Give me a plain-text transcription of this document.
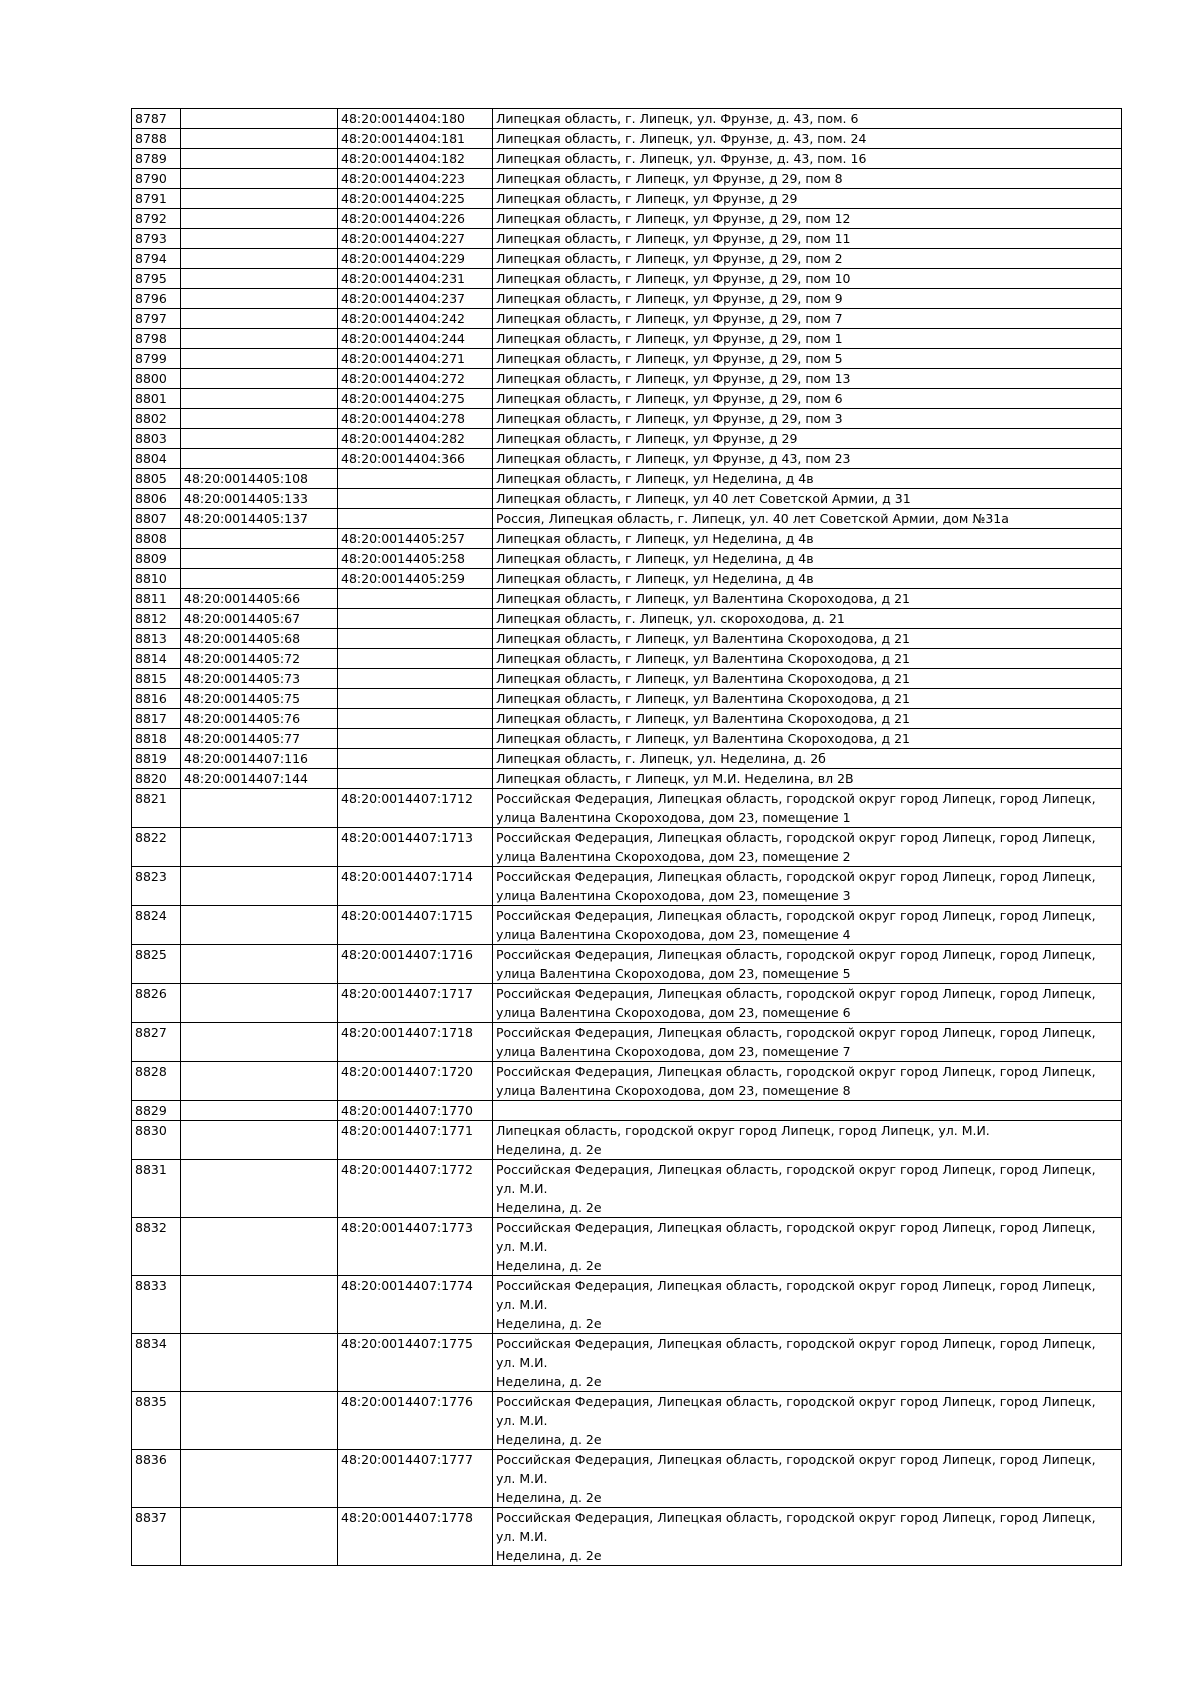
8787		48:20:0014404:180	Липецкая область, г. Липецк, ул. Фрунзе, д. 43, пом. 6
8788		48:20:0014404:181	Липецкая область, г. Липецк, ул. Фрунзе, д. 43, пом. 24
8789		48:20:0014404:182	Липецкая область, г. Липецк, ул. Фрунзе, д. 43, пом. 16
8790		48:20:0014404:223	Липецкая область, г Липецк, ул Фрунзе, д 29, пом 8
8791		48:20:0014404:225	Липецкая область, г Липецк, ул Фрунзе, д 29
8792		48:20:0014404:226	Липецкая область, г Липецк, ул Фрунзе, д 29, пом 12
8793		48:20:0014404:227	Липецкая область, г Липецк, ул Фрунзе, д 29, пом 11
8794		48:20:0014404:229	Липецкая область, г Липецк, ул Фрунзе, д 29, пом 2
8795		48:20:0014404:231	Липецкая область, г Липецк, ул Фрунзе, д 29, пом 10
8796		48:20:0014404:237	Липецкая область, г Липецк, ул Фрунзе, д 29, пом 9
8797		48:20:0014404:242	Липецкая область, г Липецк, ул Фрунзе, д 29, пом 7
8798		48:20:0014404:244	Липецкая область, г Липецк, ул Фрунзе, д 29, пом 1
8799		48:20:0014404:271	Липецкая область, г Липецк, ул Фрунзе, д 29, пом 5
8800		48:20:0014404:272	Липецкая область, г Липецк, ул Фрунзе, д 29, пом 13
8801		48:20:0014404:275	Липецкая область, г Липецк, ул Фрунзе, д 29, пом 6
8802		48:20:0014404:278	Липецкая область, г Липецк, ул Фрунзе, д 29, пом 3
8803		48:20:0014404:282	Липецкая область, г Липецк, ул Фрунзе, д 29
8804		48:20:0014404:366	Липецкая область, г Липецк, ул Фрунзе, д 43, пом 23
8805	48:20:0014405:108		Липецкая область, г Липецк, ул Неделина, д 4в
8806	48:20:0014405:133		Липецкая область, г Липецк, ул 40 лет Советской Армии, д 31
8807	48:20:0014405:137		Россия, Липецкая область, г. Липецк, ул. 40 лет Советской Армии, дом №31а
8808		48:20:0014405:257	Липецкая область, г Липецк, ул Неделина, д 4в
8809		48:20:0014405:258	Липецкая область, г Липецк, ул Неделина, д 4в
8810		48:20:0014405:259	Липецкая область, г Липецк, ул Неделина, д 4в
8811	48:20:0014405:66		Липецкая область, г Липецк, ул Валентина Скороходова, д 21
8812	48:20:0014405:67		Липецкая область, г. Липецк, ул. скороходова, д. 21
8813	48:20:0014405:68		Липецкая область, г Липецк, ул Валентина Скороходова, д 21
8814	48:20:0014405:72		Липецкая область, г Липецк, ул Валентина Скороходова, д 21
8815	48:20:0014405:73		Липецкая область, г Липецк, ул Валентина Скороходова, д 21
8816	48:20:0014405:75		Липецкая область, г Липецк, ул Валентина Скороходова, д 21
8817	48:20:0014405:76		Липецкая область, г Липецк, ул Валентина Скороходова, д 21
8818	48:20:0014405:77		Липецкая область, г Липецк, ул Валентина Скороходова, д 21
8819	48:20:0014407:116		Липецкая область, г. Липецк, ул. Неделина, д. 2б
8820	48:20:0014407:144		Липецкая область, г Липецк, ул М.И. Неделина, вл 2В
8821		48:20:0014407:1712	Российская Федерация, Липецкая область, городской округ город Липецк, город Липецк,
улица Валентина Скороходова, дом 23, помещение 1
8822		48:20:0014407:1713	Российская Федерация, Липецкая область, городской округ город Липецк, город Липецк,
улица Валентина Скороходова, дом 23, помещение 2
8823		48:20:0014407:1714	Российская Федерация, Липецкая область, городской округ город Липецк, город Липецк,
улица Валентина Скороходова, дом 23, помещение 3
8824		48:20:0014407:1715	Российская Федерация, Липецкая область, городской округ город Липецк, город Липецк,
улица Валентина Скороходова, дом 23, помещение 4
8825		48:20:0014407:1716	Российская Федерация, Липецкая область, городской округ город Липецк, город Липецк,
улица Валентина Скороходова, дом 23, помещение 5
8826		48:20:0014407:1717	Российская Федерация, Липецкая область, городской округ город Липецк, город Липецк,
улица Валентина Скороходова, дом 23, помещение 6
8827		48:20:0014407:1718	Российская Федерация, Липецкая область, городской округ город Липецк, город Липецк,
улица Валентина Скороходова, дом 23, помещение 7
8828		48:20:0014407:1720	Российская Федерация, Липецкая область, городской округ город Липецк, город Липецк,
улица Валентина Скороходова, дом 23, помещение 8
8829		48:20:0014407:1770	
8830		48:20:0014407:1771	Липецкая область, городской округ город Липецк, город Липецк, ул. М.И.
Неделина, д. 2е
8831		48:20:0014407:1772	Российская Федерация, Липецкая область, городской округ город Липецк, город Липецк,
ул. М.И.
Неделина, д. 2е
8832		48:20:0014407:1773	Российская Федерация, Липецкая область, городской округ город Липецк, город Липецк,
ул. М.И.
Неделина, д. 2е
8833		48:20:0014407:1774	Российская Федерация, Липецкая область, городской округ город Липецк, город Липецк,
ул. М.И.
Неделина, д. 2е
8834		48:20:0014407:1775	Российская Федерация, Липецкая область, городской округ город Липецк, город Липецк,
ул. М.И.
Неделина, д. 2е
8835		48:20:0014407:1776	Российская Федерация, Липецкая область, городской округ город Липецк, город Липецк,
ул. М.И.
Неделина, д. 2е
8836		48:20:0014407:1777	Российская Федерация, Липецкая область, городской округ город Липецк, город Липецк,
ул. М.И.
Неделина, д. 2е
8837		48:20:0014407:1778	Российская Федерация, Липецкая область, городской округ город Липецк, город Липецк,
ул. М.И.
Неделина, д. 2е
